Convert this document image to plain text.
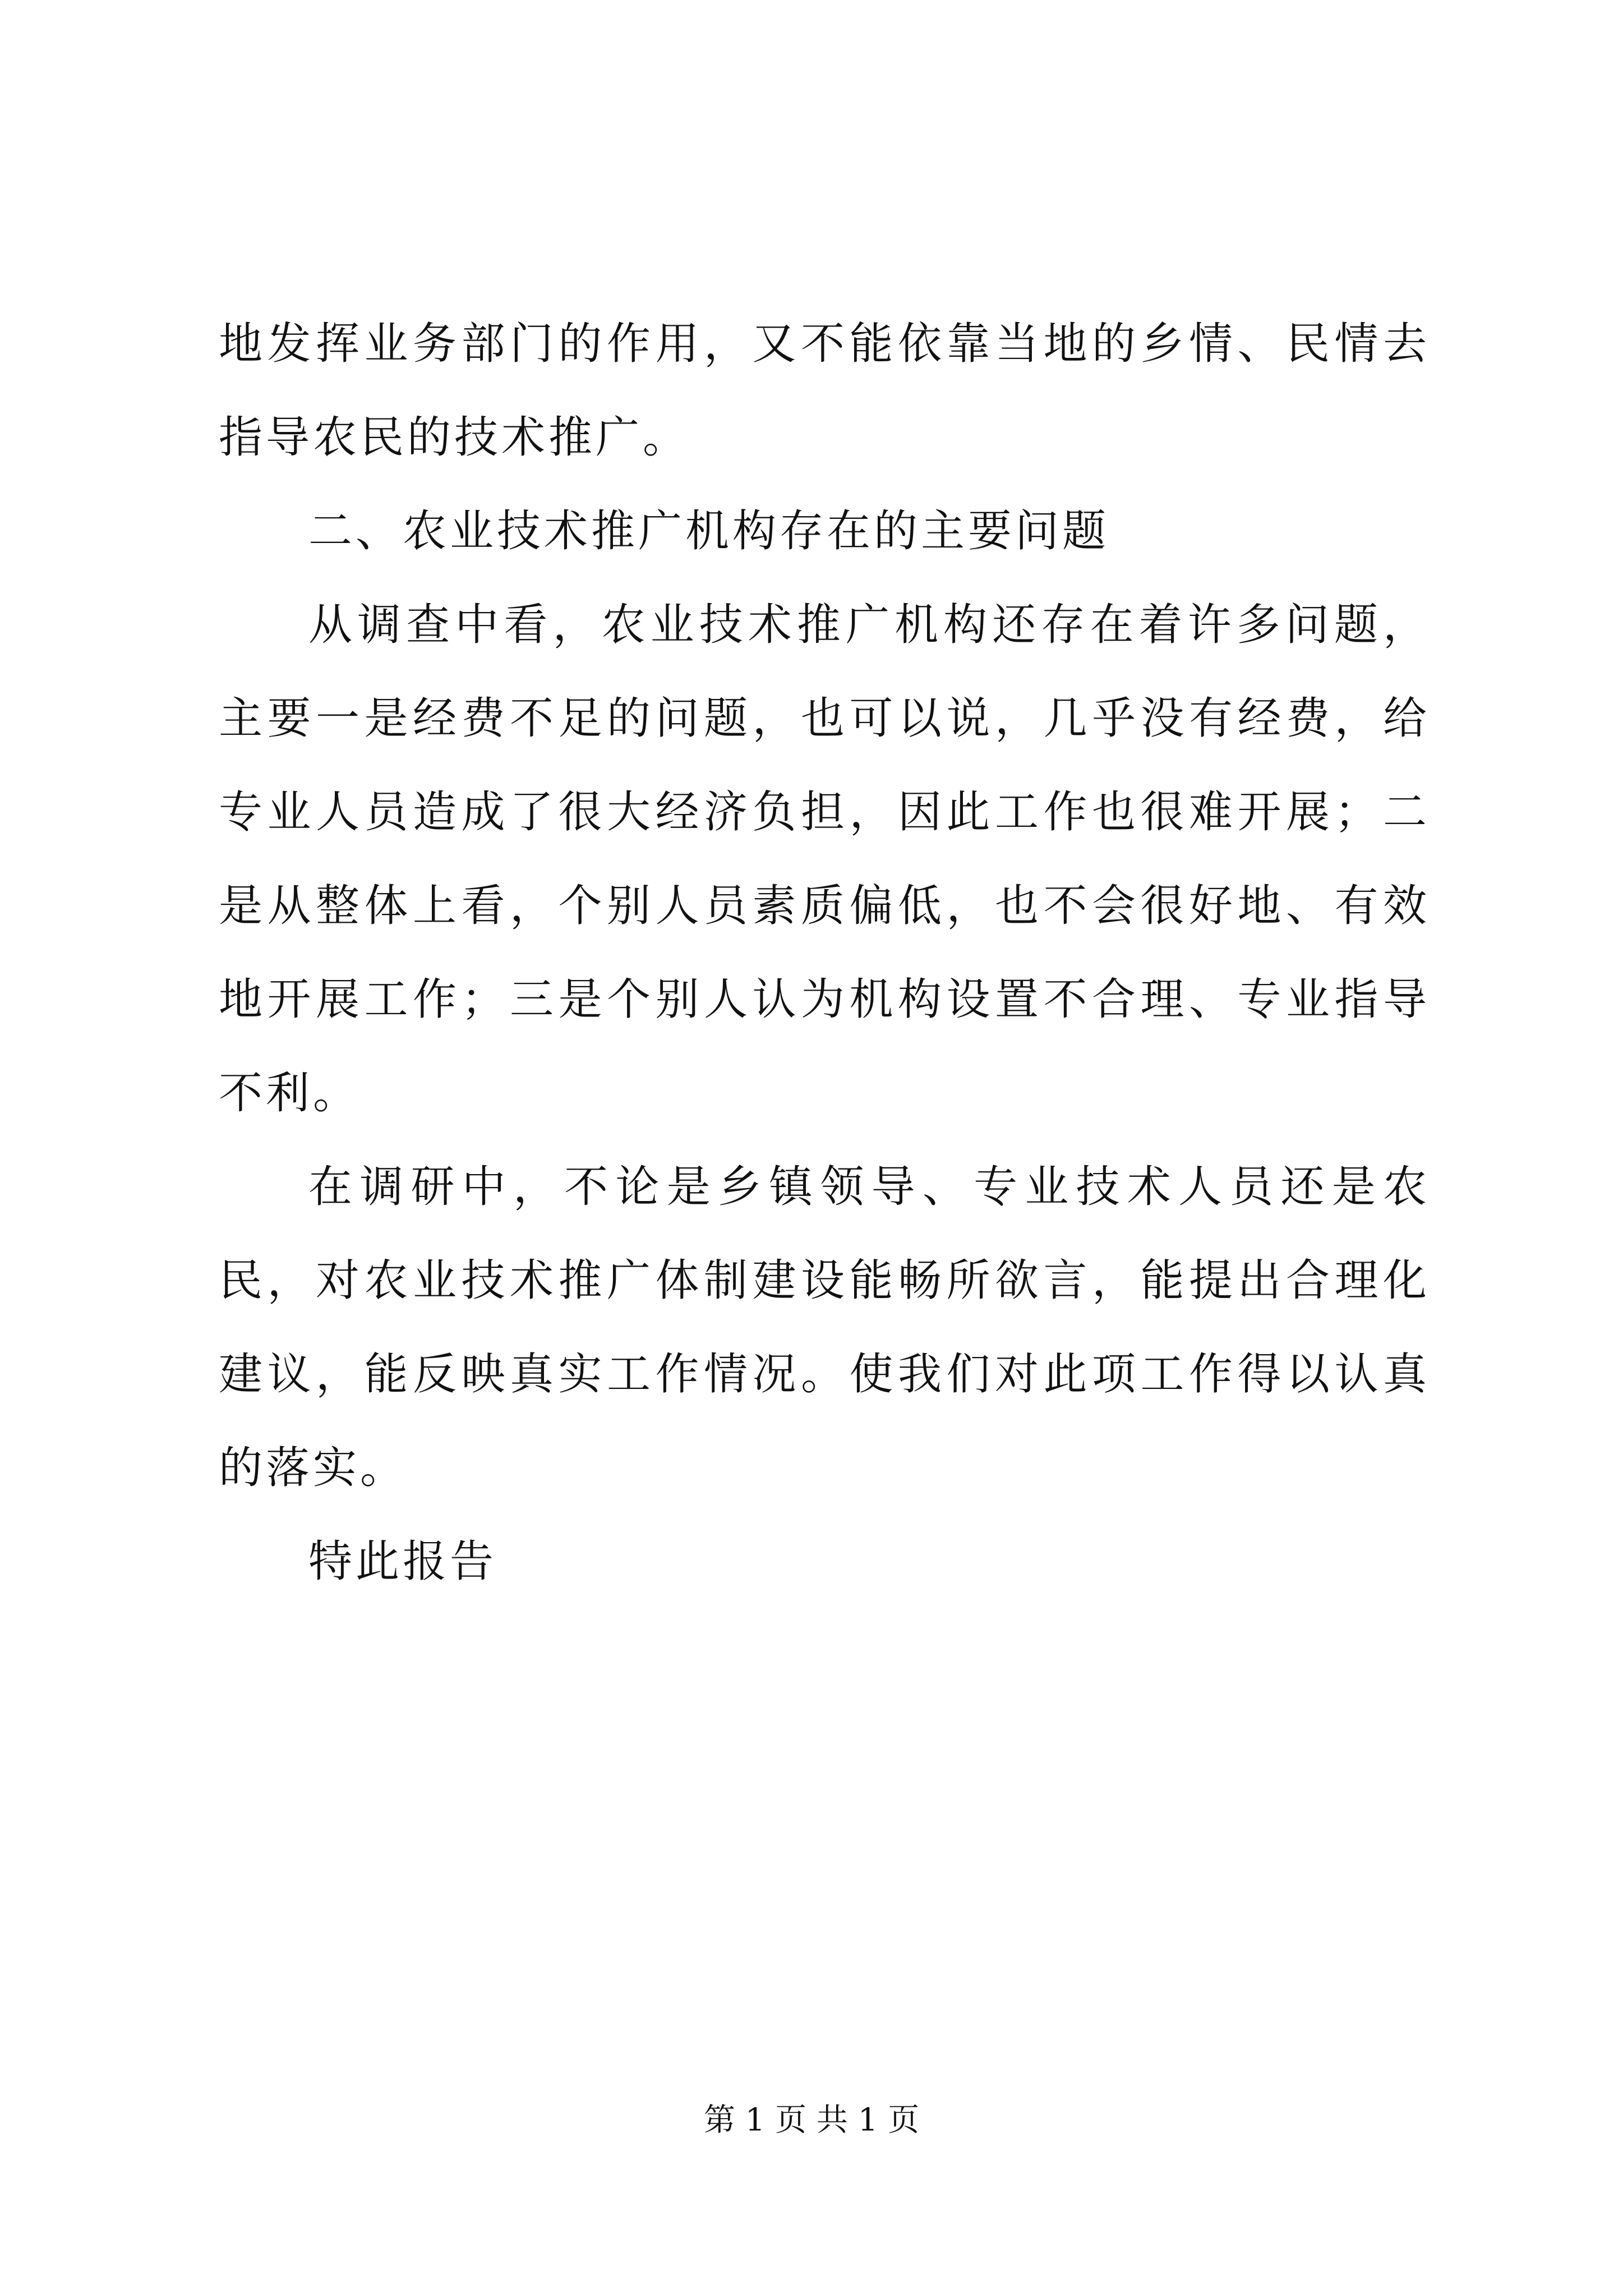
地发挥业务部门的作用，又不能依靠当地的乡情、民情去指导农民的技术推广。

二、农业技术推广机构存在的主要问题

从调查中看，农业技术推广机构还存在着许多问题，主要一是经费不足的问题，也可以说，几乎没有经费，给专业人员造成了很大经济负担，因此工作也很难开展；二是从整体上看，个别人员素质偏低，也不会很好地、有效地开展工作；三是个别人认为机构设置不合理、专业指导不利。

在调研中，不论是乡镇领导、专业技术人员还是农民，对农业技术推广体制建设能畅所欲言，能提出合理化建议，能反映真实工作情况。使我们对此项工作得以认真的落实。

特此报告

第 1 页 共 1 页
